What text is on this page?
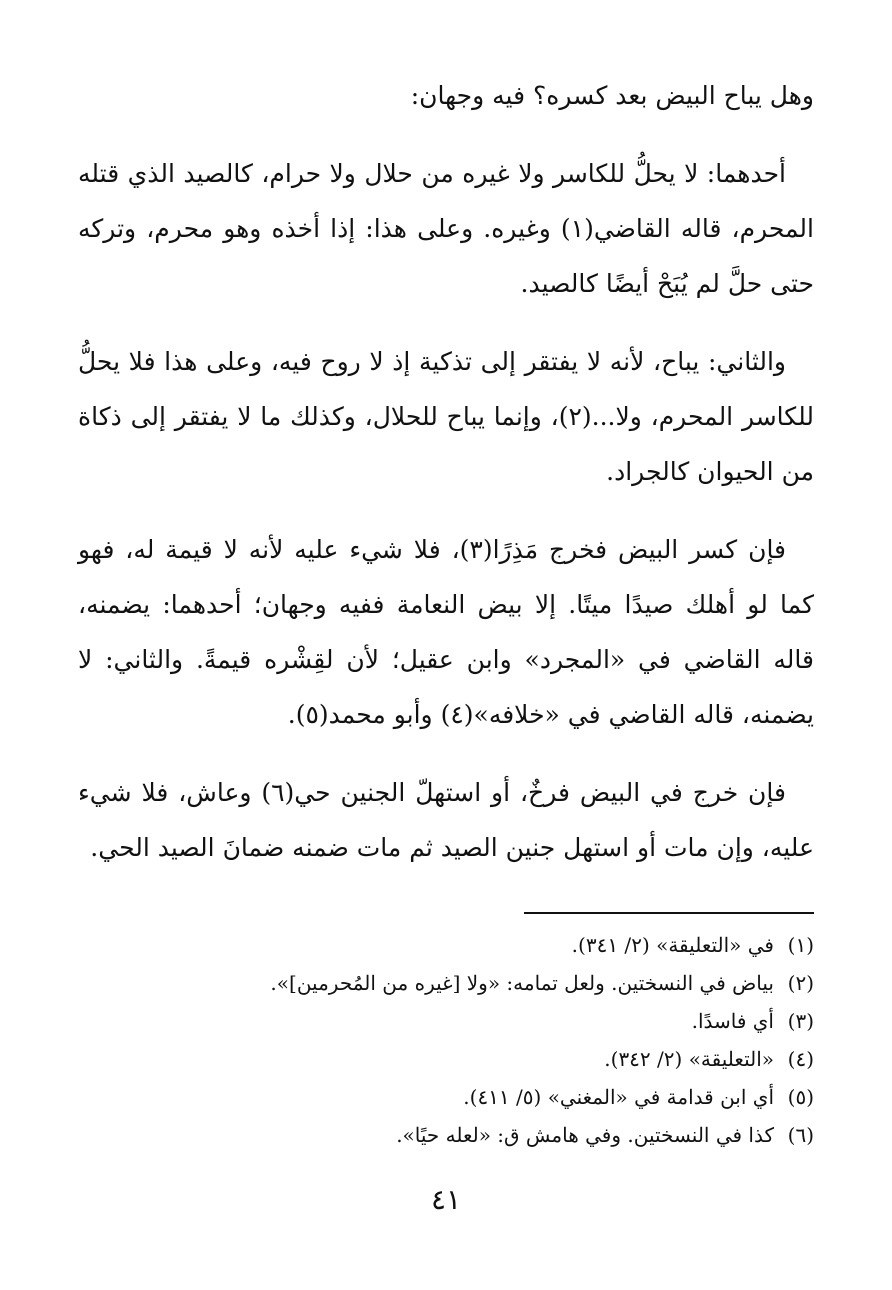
وهل يباح البيض بعد كسره؟ فيه وجهان:

أحدهما: لا يحلُّ للكاسر ولا غيره من حلال ولا حرام، كالصيد الذي قتله المحرم، قاله القاضي(١) وغيره. وعلى هذا: إذا أخذه وهو محرم، وتركه حتى حلَّ لم يُبَحْ أيضًا كالصيد.

والثاني: يباح، لأنه لا يفتقر إلى تذكية إذ لا روح فيه، وعلى هذا فلا يحلُّ للكاسر المحرم، ولا...(٢)، وإنما يباح للحلال، وكذلك ما لا يفتقر إلى ذكاة من الحيوان كالجراد.

فإن كسر البيض فخرج مَذِرًا(٣)، فلا شيء عليه لأنه لا قيمة له، فهو كما لو أهلك صيدًا ميتًا. إلا بيض النعامة ففيه وجهان؛ أحدهما: يضمنه، قاله القاضي في «المجرد» وابن عقيل؛ لأن لقِشْره قيمةً. والثاني: لا يضمنه، قاله القاضي في «خلافه»(٤) وأبو محمد(٥).

فإن خرج في البيض فرخٌ، أو استهلّ الجنين حي(٦) وعاش، فلا شيء عليه، وإن مات أو استهل جنين الصيد ثم مات ضمنه ضمانَ الصيد الحي.

(١)
في «التعليقة» (٢/ ٣٤١).
(٢)
بياض في النسختين. ولعل تمامه: «ولا [غيره من المُحرمين]».
(٣)
أي فاسدًا.
(٤)
«التعليقة» (٢/ ٣٤٢).
(٥)
أي ابن قدامة في «المغني» (٥/ ٤١١).
(٦)
كذا في النسختين. وفي هامش ق: «لعله حيًا».
٤١
